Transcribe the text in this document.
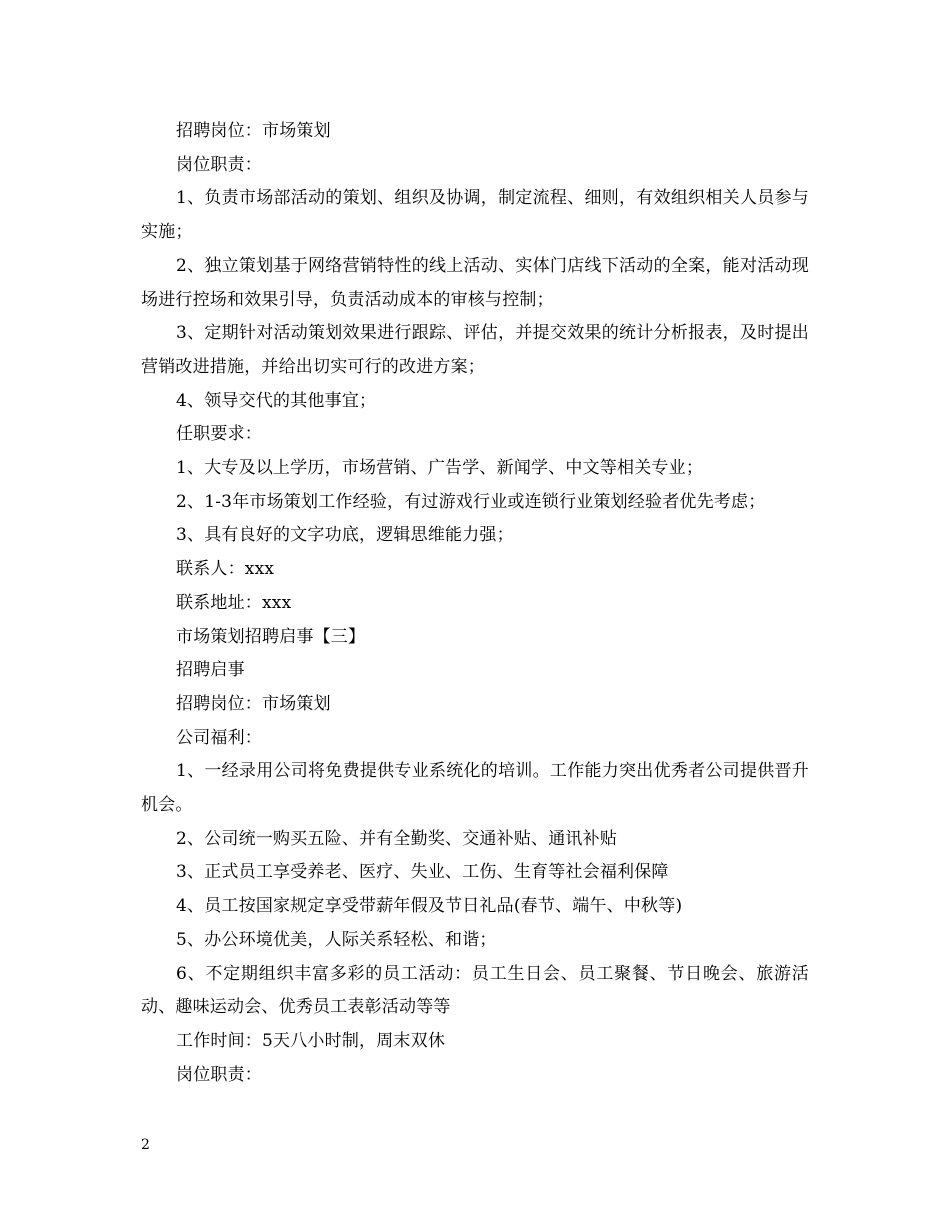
招聘岗位：市场策划

岗位职责：

1、负责市场部活动的策划、组织及协调，制定流程、细则，有效组织相关人员参与实施；

2、独立策划基于网络营销特性的线上活动、实体门店线下活动的全案，能对活动现场进行控场和效果引导，负责活动成本的审核与控制；

3、定期针对活动策划效果进行跟踪、评估，并提交效果的统计分析报表，及时提出营销改进措施，并给出切实可行的改进方案；

4、领导交代的其他事宜；

任职要求：

1、大专及以上学历，市场营销、广告学、新闻学、中文等相关专业；

2、1-3年市场策划工作经验，有过游戏行业或连锁行业策划经验者优先考虑；

3、具有良好的文字功底，逻辑思维能力强；

联系人：xxx

联系地址：xxx

市场策划招聘启事【三】

招聘启事

招聘岗位：市场策划

公司福利：

1、一经录用公司将免费提供专业系统化的培训。工作能力突出优秀者公司提供晋升机会。

2、公司统一购买五险、并有全勤奖、交通补贴、通讯补贴

3、正式员工享受养老、医疗、失业、工伤、生育等社会福利保障

4、员工按国家规定享受带薪年假及节日礼品(春节、端午、中秋等)

5、办公环境优美，人际关系轻松、和谐；

6、不定期组织丰富多彩的员工活动：员工生日会、员工聚餐、节日晚会、旅游活动、趣味运动会、优秀员工表彰活动等等

工作时间：5天八小时制，周末双休

岗位职责：

2
